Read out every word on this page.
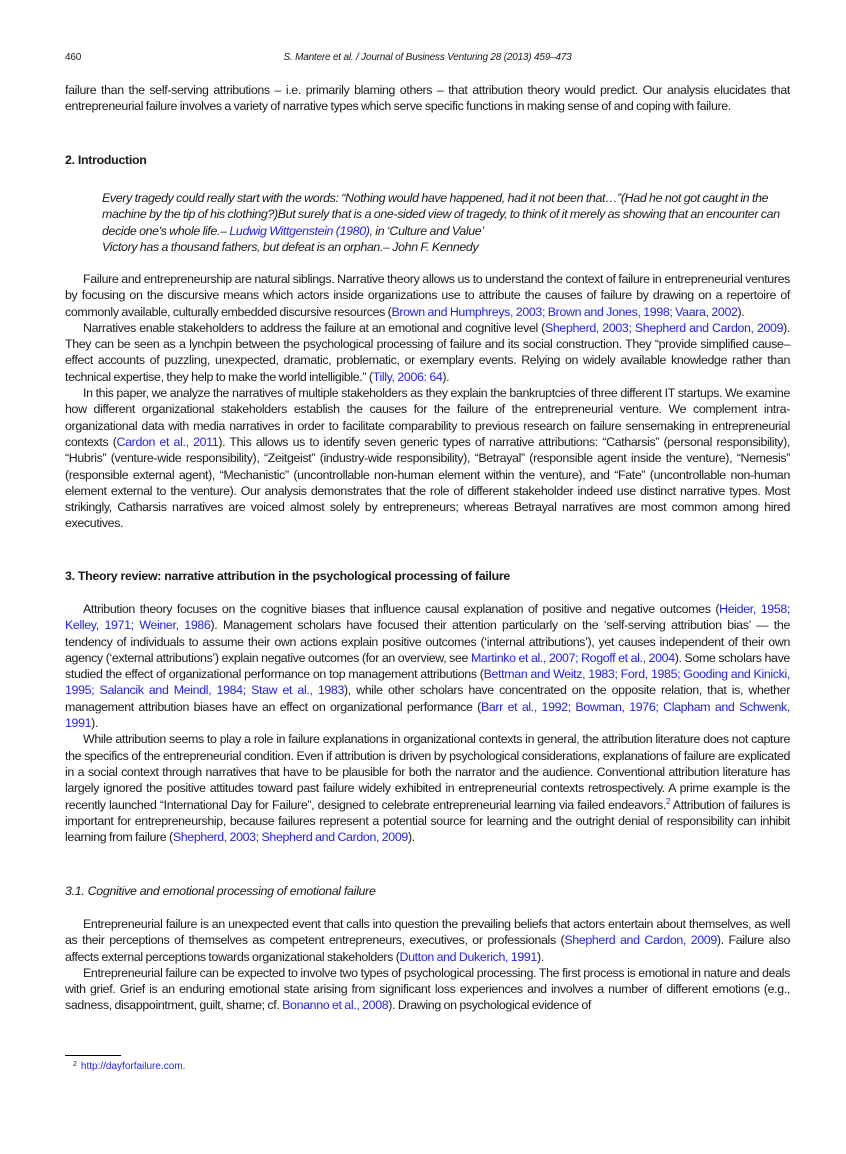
460	S. Mantere et al. / Journal of Business Venturing 28 (2013) 459–473

failure than the self-serving attributions – i.e. primarily blaming others – that attribution theory would predict. Our analysis elucidates that entrepreneurial failure involves a variety of narrative types which serve specific functions in making sense of and coping with failure.

2. Introduction

Every tragedy could really start with the words: “Nothing would have happened, had it not been that…”(Had he not got caught in the machine by the tip of his clothing?)But surely that is a one-sided view of tragedy, to think of it merely as showing that an encounter can decide one's whole life.– Ludwig Wittgenstein (1980), in ‘Culture and Value’

Victory has a thousand fathers, but defeat is an orphan.– John F. Kennedy

Failure and entrepreneurship are natural siblings. Narrative theory allows us to understand the context of failure in entrepreneurial ventures by focusing on the discursive means which actors inside organizations use to attribute the causes of failure by drawing on a repertoire of commonly available, culturally embedded discursive resources (Brown and Humphreys, 2003; Brown and Jones, 1998; Vaara, 2002).

Narratives enable stakeholders to address the failure at an emotional and cognitive level (Shepherd, 2003; Shepherd and Cardon, 2009). They can be seen as a lynchpin between the psychological processing of failure and its social construction. They “provide simplified cause–effect accounts of puzzling, unexpected, dramatic, problematic, or exemplary events. Relying on widely available knowledge rather than technical expertise, they help to make the world intelligible.” (Tilly, 2006: 64).

In this paper, we analyze the narratives of multiple stakeholders as they explain the bankruptcies of three different IT startups. We examine how different organizational stakeholders establish the causes for the failure of the entrepreneurial venture. We complement intra-organizational data with media narratives in order to facilitate comparability to previous research on failure sensemaking in entrepreneurial contexts (Cardon et al., 2011). This allows us to identify seven generic types of narrative attributions: “Catharsis” (personal responsibility), “Hubris” (venture-wide responsibility), “Zeitgeist” (industry-wide responsibility), “Betrayal” (responsible agent inside the venture), “Nemesis” (responsible external agent), “Mechanistic” (uncontrollable non-human element within the venture), and “Fate” (uncontrollable non-human element external to the venture). Our analysis demonstrates that the role of different stakeholder indeed use distinct narrative types. Most strikingly, Catharsis narratives are voiced almost solely by entrepreneurs; whereas Betrayal narratives are most common among hired executives.

3. Theory review: narrative attribution in the psychological processing of failure

Attribution theory focuses on the cognitive biases that influence causal explanation of positive and negative outcomes (Heider, 1958; Kelley, 1971; Weiner, 1986). Management scholars have focused their attention particularly on the ‘self-serving attribution bias’ — the tendency of individuals to assume their own actions explain positive outcomes (‘internal attributions’), yet causes independent of their own agency (‘external attributions’) explain negative outcomes (for an overview, see Martinko et al., 2007; Rogoff et al., 2004). Some scholars have studied the effect of organizational performance on top management attributions (Bettman and Weitz, 1983; Ford, 1985; Gooding and Kinicki, 1995; Salancik and Meindl, 1984; Staw et al., 1983), while other scholars have concentrated on the opposite relation, that is, whether management attribution biases have an effect on organizational performance (Barr et al., 1992; Bowman, 1976; Clapham and Schwenk, 1991).

While attribution seems to play a role in failure explanations in organizational contexts in general, the attribution literature does not capture the specifics of the entrepreneurial condition. Even if attribution is driven by psychological considerations, explanations of failure are explicated in a social context through narratives that have to be plausible for both the narrator and the audience. Conventional attribution literature has largely ignored the positive attitudes toward past failure widely exhibited in entrepreneurial contexts retrospectively. A prime example is the recently launched “International Day for Failure”, designed to celebrate entrepreneurial learning via failed endeavors.$^2$ Attribution of failures is important for entrepreneurship, because failures represent a potential source for learning and the outright denial of responsibility can inhibit learning from failure (Shepherd, 2003; Shepherd and Cardon, 2009).

3.1. Cognitive and emotional processing of emotional failure

Entrepreneurial failure is an unexpected event that calls into question the prevailing beliefs that actors entertain about themselves, as well as their perceptions of themselves as competent entrepreneurs, executives, or professionals (Shepherd and Cardon, 2009). Failure also affects external perceptions towards organizational stakeholders (Dutton and Dukerich, 1991).

Entrepreneurial failure can be expected to involve two types of psychological processing. The first process is emotional in nature and deals with grief. Grief is an enduring emotional state arising from significant loss experiences and involves a number of different emotions (e.g., sadness, disappointment, guilt, shame; cf. Bonanno et al., 2008). Drawing on psychological evidence of

$^2$ http://dayforfailure.com.
